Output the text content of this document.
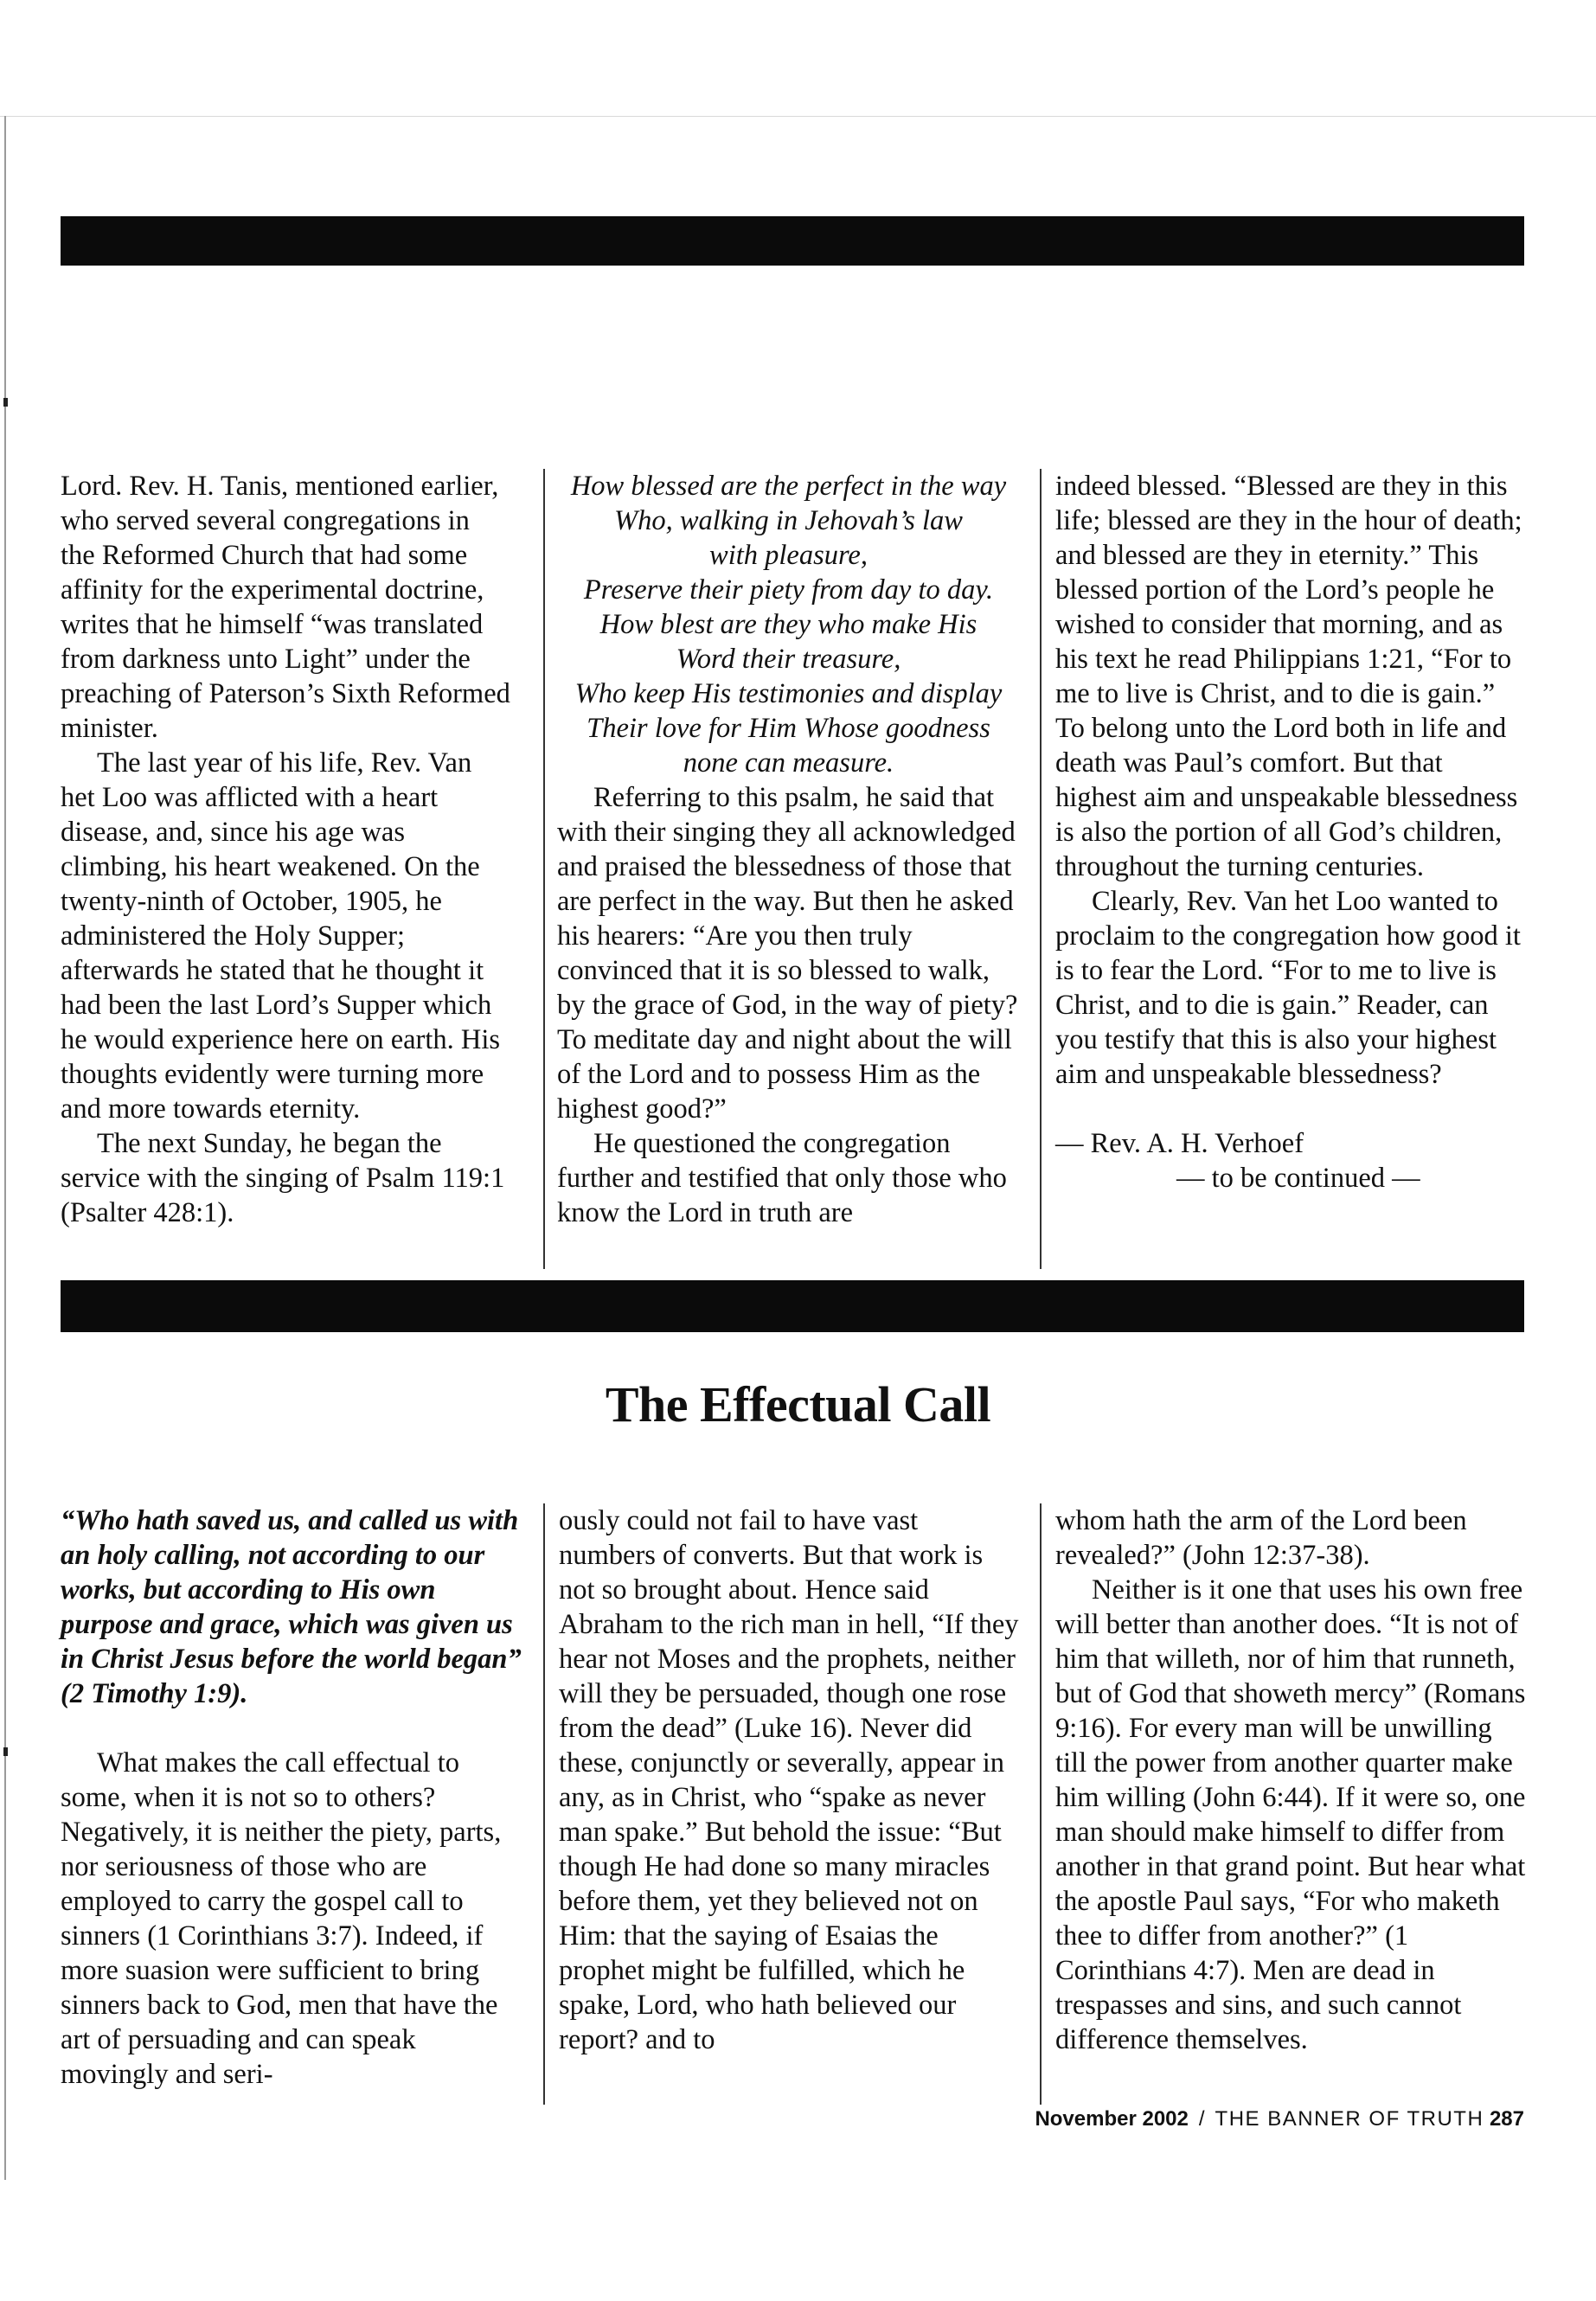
Lord. Rev. H. Tanis, mentioned earlier, who served several congregations in the Reformed Church that had some affinity for the experimental doctrine, writes that he himself “was translated from darkness unto Light” under the preaching of Paterson’s Sixth Reformed minister.

The last year of his life, Rev. Van het Loo was afflicted with a heart disease, and, since his age was climbing, his heart weakened. On the twenty-ninth of October, 1905, he administered the Holy Supper; afterwards he stated that he thought it had been the last Lord’s Supper which he would experience here on earth. His thoughts evidently were turning more and more towards eternity.

The next Sunday, he began the service with the singing of Psalm 119:1 (Psalter 428:1).

How blessed are the perfect in the way

Who, walking in Jehovah’s law

with pleasure,

Preserve their piety from day to day.

How blest are they who make His

Word their treasure,

Who keep His testimonies and display

Their love for Him Whose goodness

none can measure.

Referring to this psalm, he said that with their singing they all acknowledged and praised the blessedness of those that are perfect in the way. But then he asked his hearers: “Are you then truly convinced that it is so blessed to walk, by the grace of God, in the way of piety? To meditate day and night about the will of the Lord and to possess Him as the highest good?”

He questioned the congregation further and testified that only those who know the Lord in truth are

indeed blessed. “Blessed are they in this life; blessed are they in the hour of death; and blessed are they in eternity.” This blessed portion of the Lord’s people he wished to consider that morning, and as his text he read Philippians 1:21, “For to me to live is Christ, and to die is gain.” To belong unto the Lord both in life and death was Paul’s comfort. But that highest aim and unspeakable blessedness is also the portion of all God’s children, throughout the turning centuries.

Clearly, Rev. Van het Loo wanted to proclaim to the congregation how good it is to fear the Lord. “For to me to live is Christ, and to die is gain.” Reader, can you testify that this is also your highest aim and unspeakable blessedness?

— Rev. A. H. Verhoef

— to be continued —

The Effectual Call

“Who hath saved us, and called us with an holy calling, not according to our works, but according to His own purpose and grace, which was given us in Christ Jesus before the world began” (2 Timothy 1:9).

What makes the call effectual to some, when it is not so to others? Negatively, it is neither the piety, parts, nor seriousness of those who are employed to carry the gospel call to sinners (1 Corinthians 3:7). Indeed, if more suasion were sufficient to bring sinners back to God, men that have the art of persuading and can speak movingly and seri-

ously could not fail to have vast numbers of converts. But that work is not so brought about. Hence said Abraham to the rich man in hell, “If they hear not Moses and the prophets, neither will they be persuaded, though one rose from the dead” (Luke 16). Never did these, conjunctly or severally, appear in any, as in Christ, who “spake as never man spake.” But behold the issue: “But though He had done so many miracles before them, yet they believed not on Him: that the saying of Esaias the prophet might be fulfilled, which he spake, Lord, who hath believed our report? and to

whom hath the arm of the Lord been revealed?” (John 12:37-38).

Neither is it one that uses his own free will better than another does. “It is not of him that willeth, nor of him that runneth, but of God that showeth mercy” (Romans 9:16). For every man will be unwilling till the power from another quarter make him willing (John 6:44). If it were so, one man should make himself to differ from another in that grand point. But hear what the apostle Paul says, “For who maketh thee to differ from another?” (1 Corinthians 4:7). Men are dead in trespasses and sins, and such cannot difference themselves.

November 2002 / THE BANNER OF TRUTH 287
